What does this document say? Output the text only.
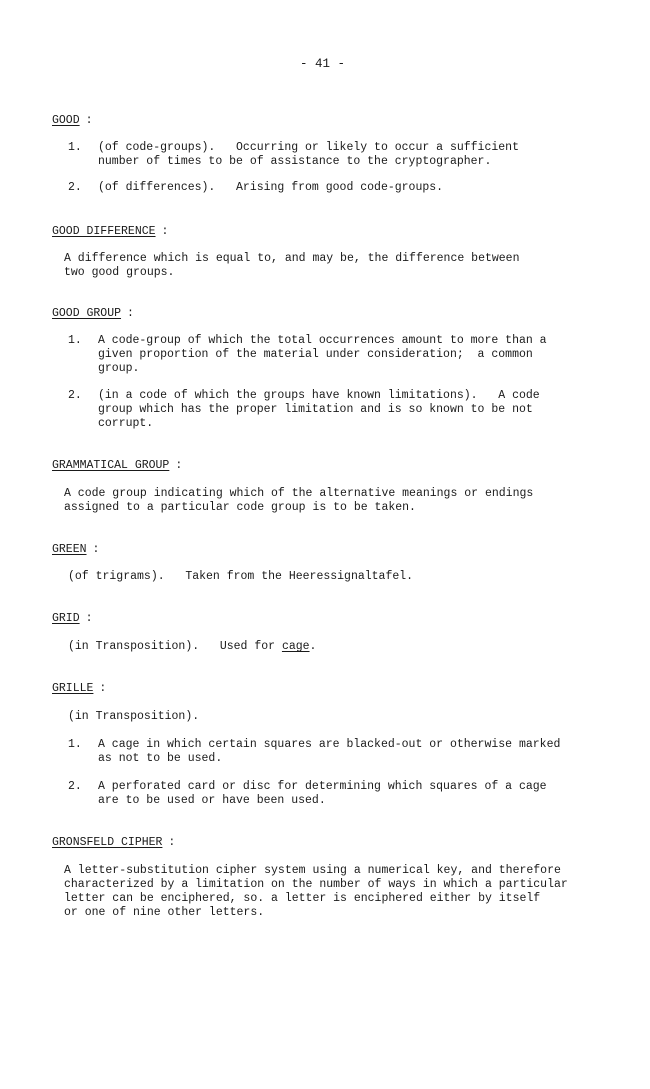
- 41 -
GOOD :
1. (of code-groups).   Occurring or likely to occur a sufficient
number of times to be of assistance to the cryptographer.
2. (of differences).   Arising from good code-groups.
GOOD DIFFERENCE :
A difference which is equal to, and may be, the difference between
two good groups.
GOOD GROUP :
1. A code-group of which the total occurrences amount to more than a
given proportion of the material under consideration;  a common
group.
2. (in a code of which the groups have known limitations).   A code
group which has the proper limitation and is so known to be not
corrupt.
GRAMMATICAL GROUP :
A code group indicating which of the alternative meanings or endings
assigned to a particular code group is to be taken.
GREEN :
(of trigrams).   Taken from the Heeressignaltafel.
GRID :
(in Transposition).   Used for cage.
GRILLE :
(in Transposition).
1. A cage in which certain squares are blacked-out or otherwise marked
as not to be used.
2. A perforated card or disc for determining which squares of a cage
are to be used or have been used.
GRONSFELD CIPHER :
A letter-substitution cipher system using a numerical key, and therefore
characterized by a limitation on the number of ways in which a particular
letter can be enciphered, so. a letter is enciphered either by itself
or one of nine other letters.
